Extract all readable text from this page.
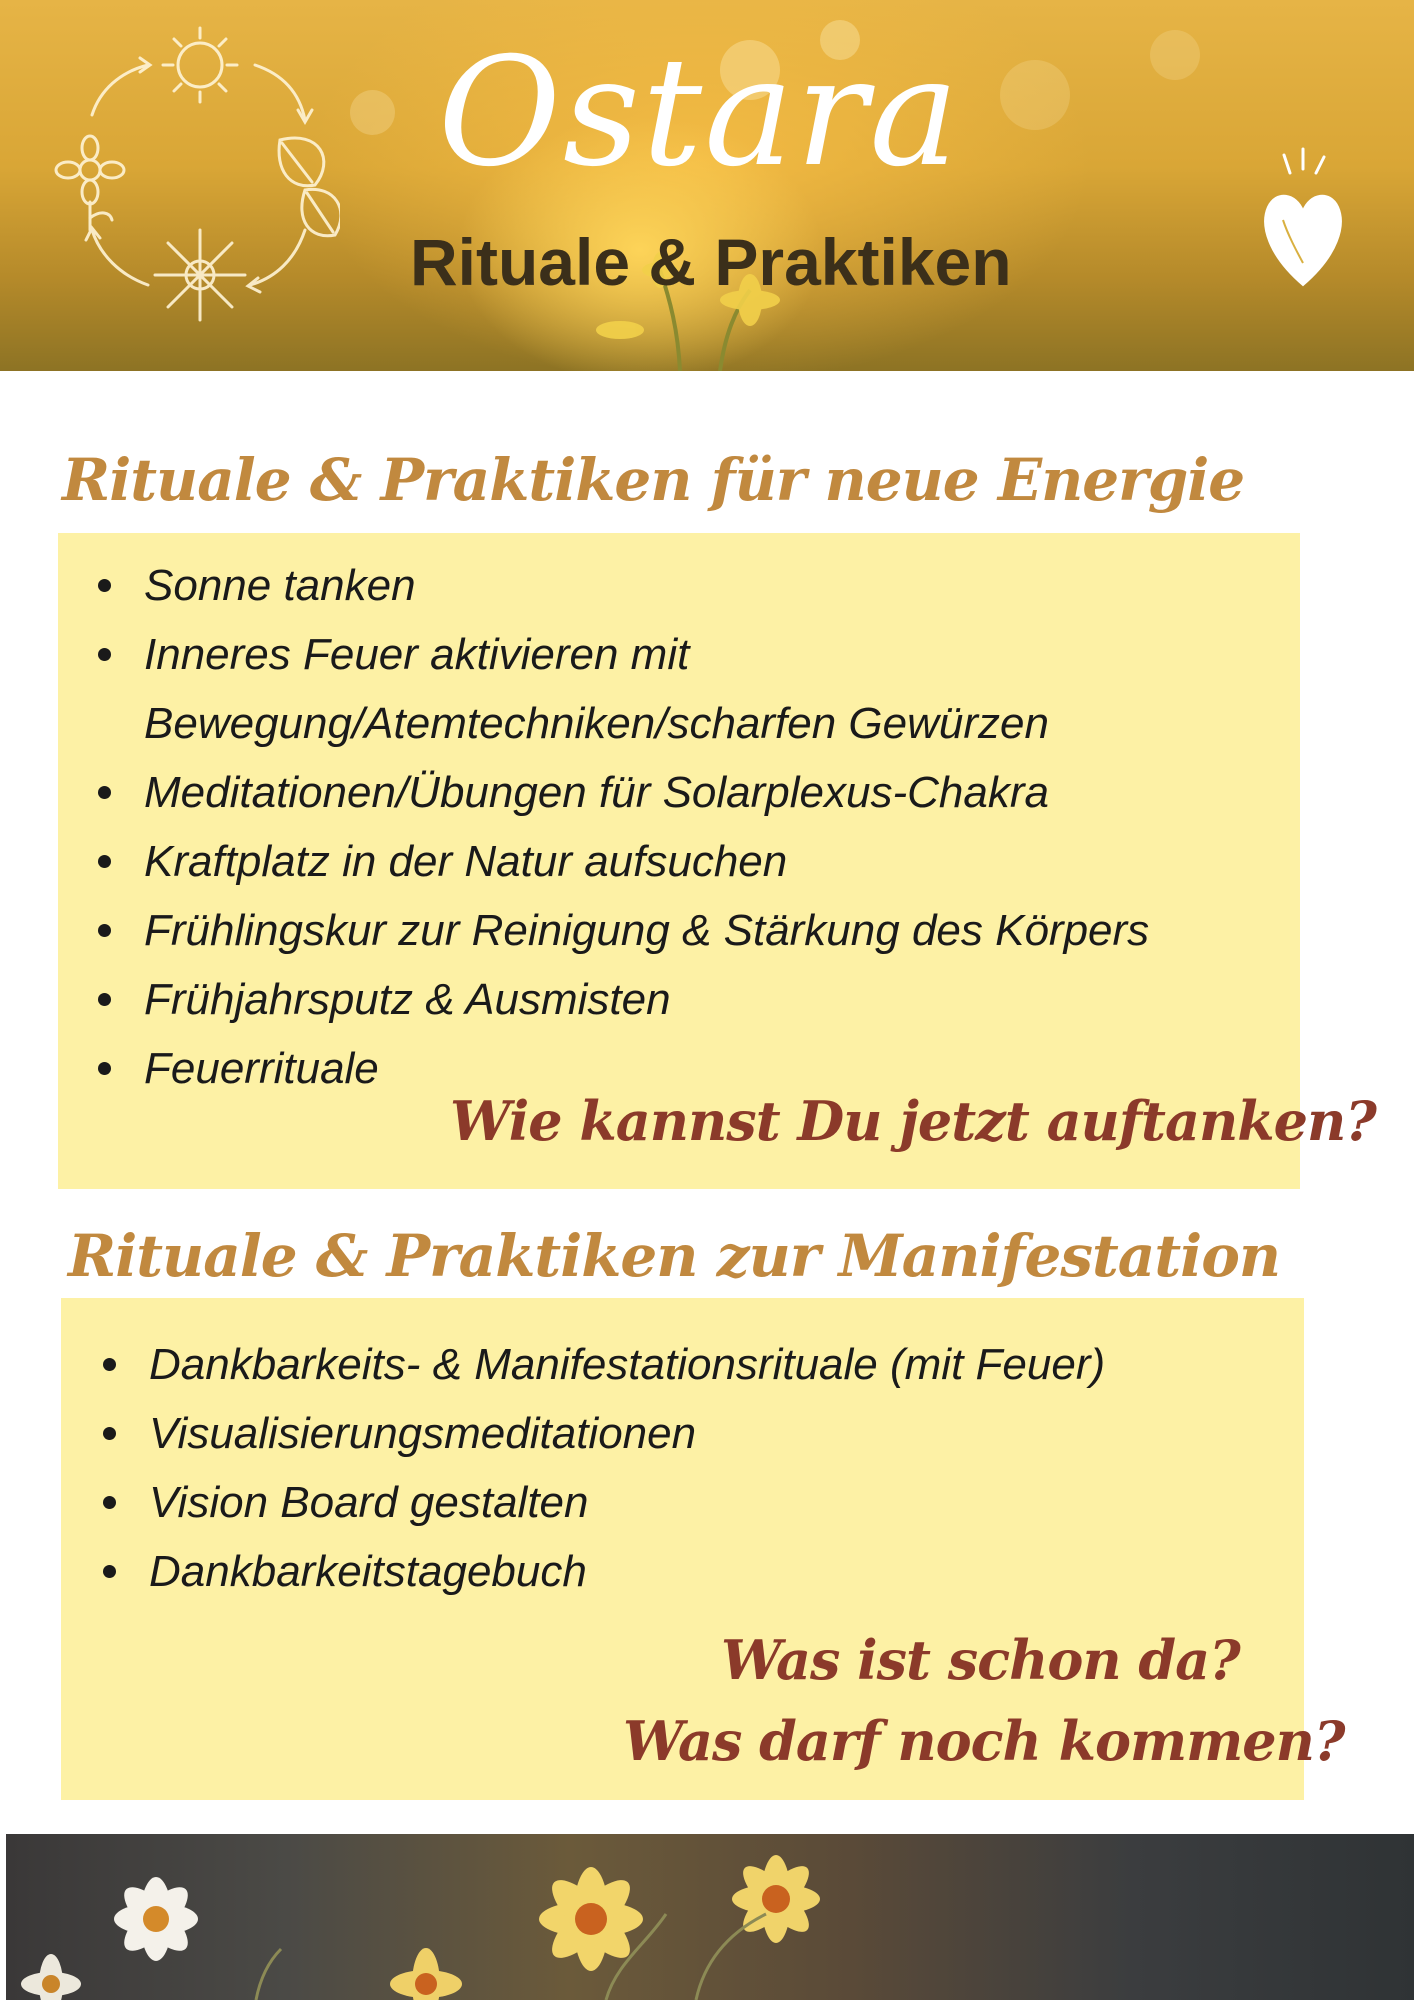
Ostara
Rituale & Praktiken
Rituale & Praktiken für neue Energie
Sonne tanken
Inneres Feuer aktivieren mit
Bewegung/Atemtechniken/scharfen Gewürzen
Meditationen/Übungen für Solarplexus-Chakra
Kraftplatz in der Natur aufsuchen
Frühlingskur zur Reinigung & Stärkung des Körpers
Frühjahrsputz & Ausmisten
Feuerrituale
Wie kannst Du jetzt auftanken?
Rituale & Praktiken zur Manifestation
Dankbarkeits- & Manifestationsrituale (mit Feuer)
Visualisierungsmeditationen
Vision Board gestalten
Dankbarkeitstagebuch
Was ist schon da?
Was darf noch kommen?
